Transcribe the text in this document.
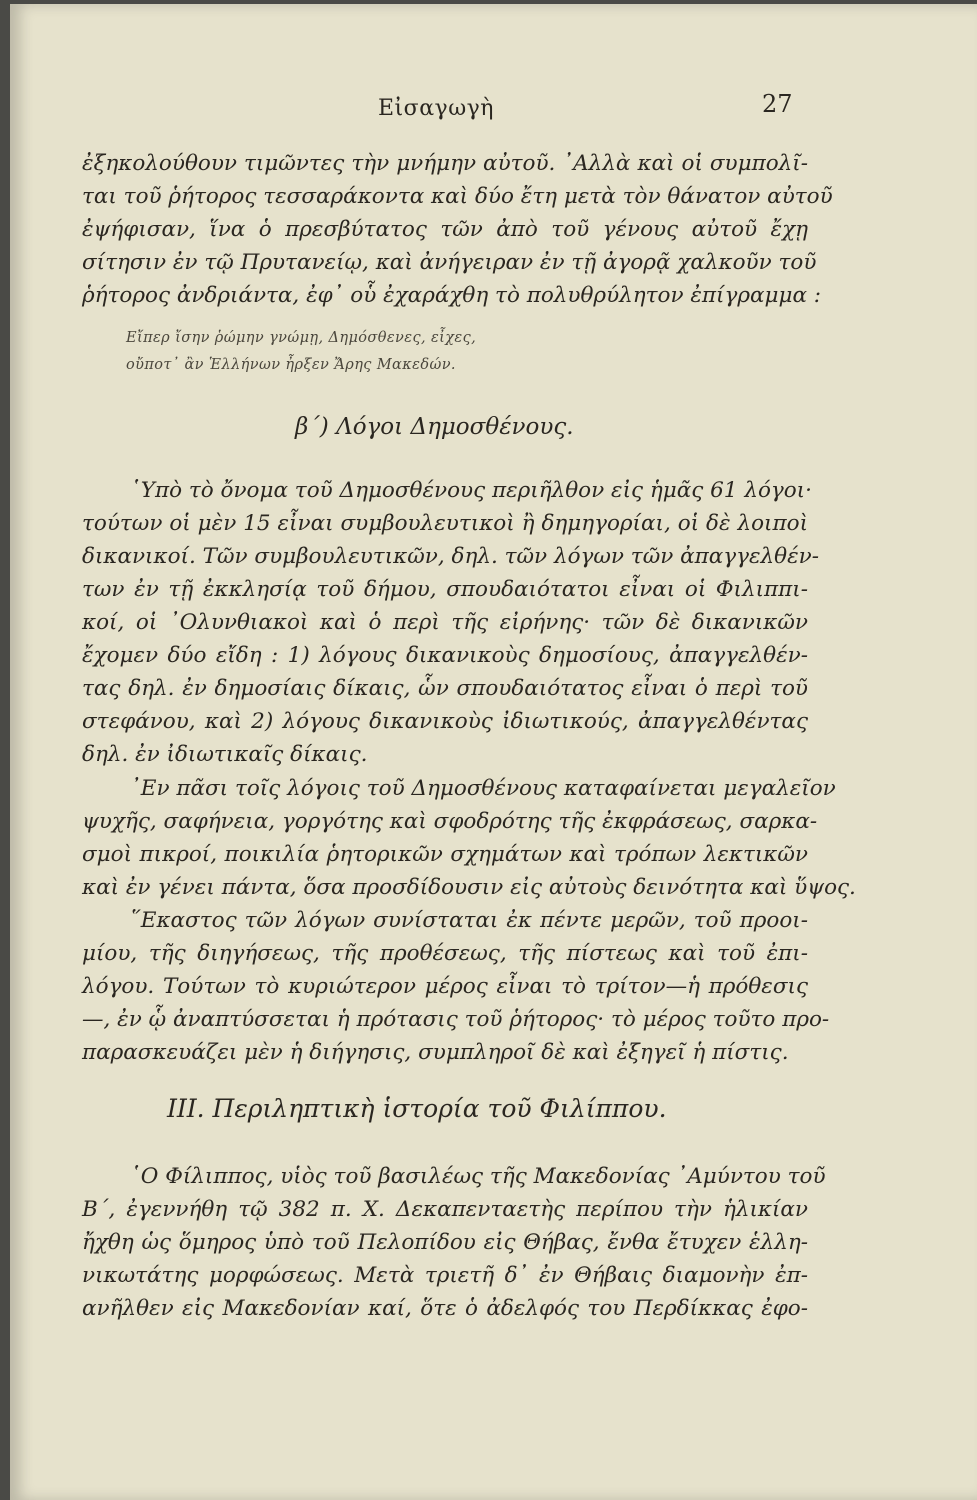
Εἰσαγωγὴ	27
ἐξηκολούθουν τιμῶντες τὴν μνήμην αὐτοῦ. ᾿Αλλὰ καὶ οἱ συμπολῖ-
ται τοῦ ῥήτορος τεσσαράκοντα καὶ δύο ἔτη μετὰ τὸν θάνατον αὐτοῦ
ἐψήφισαν, ἵνα ὁ πρεσβύτατος τῶν ἀπὸ τοῦ γένους αὐτοῦ ἔχῃ
σίτησιν ἐν τῷ Πρυτανείῳ, καὶ ἀνήγειραν ἐν τῇ ἀγορᾷ χαλκοῦν τοῦ
ῥήτορος ἀνδριάντα, ἐφ᾿ οὗ ἐχαράχθη τὸ πολυθρύλητον ἐπίγραμμα :
Εἴπερ ἴσην ῥώμην γνώμῃ, Δημόσθενες, εἶχες,
οὔποτ᾿ ἂν Ἑλλήνων ἦρξεν Ἄρης Μακεδών.
β΄) Λόγοι Δημοσθένους.
῾Υπὸ τὸ ὄνομα τοῦ Δημοσθένους περιῆλθον εἰς ἡμᾶς 61 λόγοι·
τούτων οἱ μὲν 15 εἶναι συμβουλευτικοὶ ἢ δημηγορίαι, οἱ δὲ λοιποὶ
δικανικοί. Τῶν συμβουλευτικῶν, δηλ. τῶν λόγων τῶν ἀπαγγελθέν-
των ἐν τῇ ἐκκλησίᾳ τοῦ δήμου, σπουδαιότατοι εἶναι οἱ Φιλιππι-
κοί, οἱ ᾿Ολυνθιακοὶ καὶ ὁ περὶ τῆς εἰρήνης· τῶν δὲ δικανικῶν
ἔχομεν δύο εἴδη : 1) λόγους δικανικοὺς δημοσίους, ἀπαγγελθέν-
τας δηλ. ἐν δημοσίαις δίκαις, ὧν σπουδαιότατος εἶναι ὁ περὶ τοῦ
στεφάνου, καὶ 2) λόγους δικανικοὺς ἰδιωτικούς, ἀπαγγελθέντας
δηλ. ἐν ἰδιωτικαῖς δίκαις.
᾿Εν πᾶσι τοῖς λόγοις τοῦ Δημοσθένους καταφαίνεται μεγαλεῖον
ψυχῆς, σαφήνεια, γοργότης καὶ σφοδρότης τῆς ἐκφράσεως, σαρκα-
σμοὶ πικροί, ποικιλία ῥητορικῶν σχημάτων καὶ τρόπων λεκτικῶν
καὶ ἐν γένει πάντα, ὅσα προσδίδουσιν εἰς αὐτοὺς δεινότητα καὶ ὕψος.
῞Εκαστος τῶν λόγων συνίσταται ἐκ πέντε μερῶν, τοῦ προοι-
μίου, τῆς διηγήσεως, τῆς προθέσεως, τῆς πίστεως καὶ τοῦ ἐπι-
λόγου. Τούτων τὸ κυριώτερον μέρος εἶναι τὸ τρίτον—ἡ πρόθεσις
—, ἐν ᾧ ἀναπτύσσεται ἡ πρότασις τοῦ ῥήτορος· τὸ μέρος τοῦτο προ-
παρασκευάζει μὲν ἡ διήγησις, συμπληροῖ δὲ καὶ ἐξηγεῖ ἡ πίστις.
ΙΙΙ. Περιληπτικὴ ἱστορία τοῦ Φιλίππου.
῾Ο Φίλιππος, υἱὸς τοῦ βασιλέως τῆς Μακεδονίας ᾿Αμύντου τοῦ
Β΄, ἐγεννήθη τῷ 382 π. Χ. Δεκαπενταετὴς περίπου τὴν ἡλικίαν
ἤχθη ὡς ὅμηρος ὑπὸ τοῦ Πελοπίδου εἰς Θήβας, ἔνθα ἔτυχεν ἑλλη-
νικωτάτης μορφώσεως. Μετὰ τριετῆ δ᾿ ἐν Θήβαις διαμονὴν ἐπ-
ανῆλθεν εἰς Μακεδονίαν καί, ὅτε ὁ ἀδελφός του Περδίκκας ἐφο-
